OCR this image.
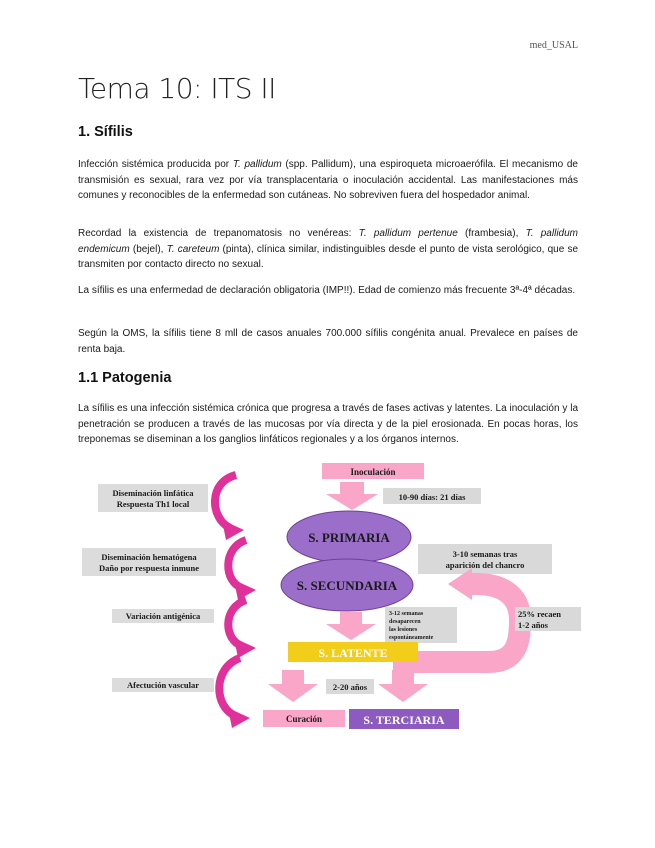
med_USAL
Tema 10: ITS II
1. Sífilis

Infección sistémica producida por T. pallidum (spp. Pallidum), una espiroqueta microaerófila. El mecanismo de transmisión es sexual, rara vez por vía transplacentaria o inoculación accidental. Las manifestaciones más comunes y reconocibles de la enfermedad son cutáneas. No sobreviven fuera del hospedador animal.

Recordad la existencia de trepanomatosis no venéreas: T. pallidum pertenue (frambesia), T. pallidum endemicum (bejel), T. careteum (pinta), clínica similar, indistinguibles desde el punto de vista serológico, que se transmiten por contacto directo no sexual.

La sífilis es una enfermedad de declaración obligatoria (IMP!!). Edad de comienzo más frecuente 3ª-4ª décadas.

Según la OMS, la sífilis tiene 8 mll de casos anuales 700.000 sífilis congénita anual. Prevalece en países de renta baja.

1.1 Patogenia

La sífilis es una infección sistémica crónica que progresa a través de fases activas y latentes. La inoculación y la penetración se producen a través de las mucosas por vía directa y de la piel erosionada. En pocas horas, los treponemas se diseminan a los ganglios linfáticos regionales y a los órganos internos.

Diseminación linfática
Respuesta Th1 local
Diseminación hematógena
Daño por respuesta inmune
Variación antigénica
Afectución vascular
Inoculación
10-90 días: 21 días
S. PRIMARIA
S. SECUNDARIA
3-10 semanas tras
aparición del chancro
3-12 semanas
desaparecen
las lesiones
espontáneamente
25% recaen
1-2 años
S. LATENTE
2-20 años
Curación	S. TERCIARIA
